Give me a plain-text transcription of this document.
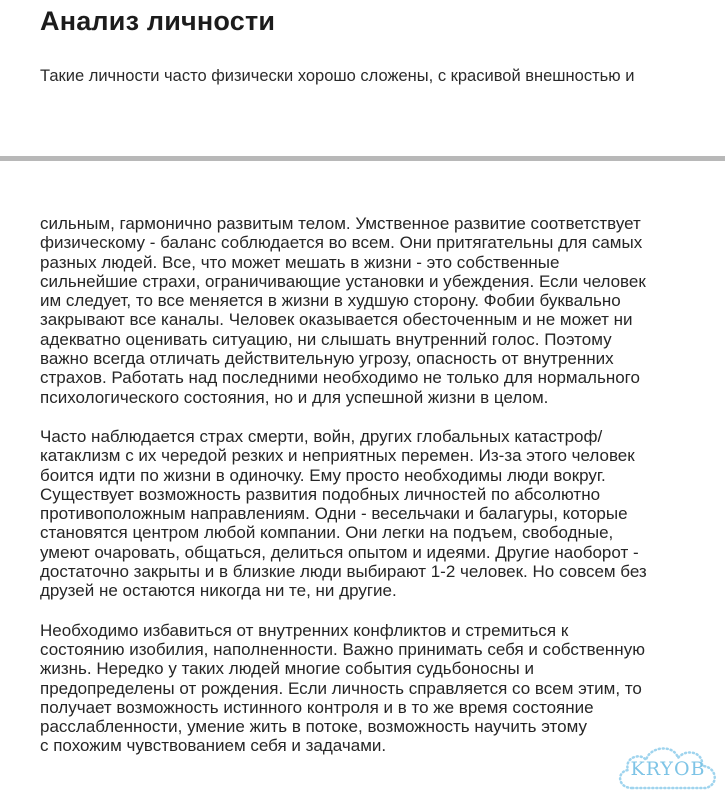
Анализ личности

Такие личности часто физически хорошо сложены, с красивой внешностью и

сильным, гармонично развитым телом. Умственное развитие соответствует
физическому - баланс соблюдается во всем. Они притягательны для самых
разных людей. Все, что может мешать в жизни - это собственные
сильнейшие страхи, ограничивающие установки и убеждения. Если человек
им следует, то все меняется в жизни в худшую сторону. Фобии буквально
закрывают все каналы. Человек оказывается обесточенным и не может ни
адекватно оценивать ситуацию, ни слышать внутренний голос. Поэтому
важно всегда отличать действительную угрозу, опасность от внутренних
страхов. Работать над последними необходимо не только для нормального
психологического состояния, но и для успешной жизни в целом.

Часто наблюдается страх смерти, войн, других глобальных катастроф/
катаклизм с их чередой резких и неприятных перемен. Из-за этого человек
боится идти по жизни в одиночку. Ему просто необходимы люди вокруг.
Существует возможность развития подобных личностей по абсолютно
противоположным направлениям. Одни - весельчаки и балагуры, которые
становятся центром любой компании. Они легки на подъем, свободные,
умеют очаровать, общаться, делиться опытом и идеями. Другие наоборот -
достаточно закрыты и в близкие люди выбирают 1-2 человек. Но совсем без
друзей не остаются никогда ни те, ни другие.

Необходимо избавиться от внутренних конфликтов и стремиться к
состоянию изобилия, наполненности. Важно принимать себя и собственную
жизнь. Нередко у таких людей многие события судьбоносны и
предопределены от рождения. Если личность справляется со всем этим, то
получает возможность истинного контроля и в то же время состояние
расслабленности, умение жить в потоке, возможность научить этому
с похожим чувствованием себя и задачами.

KRYOB
